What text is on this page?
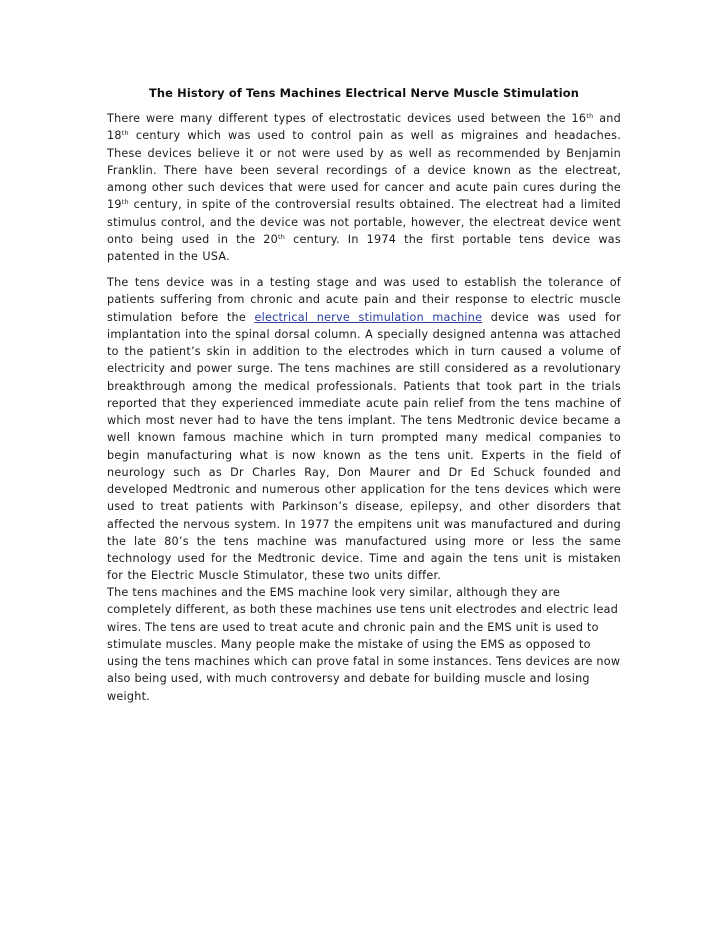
The History of Tens Machines Electrical Nerve Muscle Stimulation

There were many different types of electrostatic devices used between the 16th and 18th century which was used to control pain as well as migraines and headaches. These devices believe it or not were used by as well as recommended by Benjamin Franklin. There have been several recordings of a device known as the electreat, among other such devices that were used for cancer and acute pain cures during the 19th century, in spite of the controversial results obtained. The electreat had a limited stimulus control, and the device was not portable, however, the electreat device went onto being used in the 20th century. In 1974 the first portable tens device was patented in the USA.

The tens device was in a testing stage and was used to establish the tolerance of patients suffering from chronic and acute pain and their response to electric muscle stimulation before the electrical nerve stimulation machine device was used for implantation into the spinal dorsal column. A specially designed antenna was attached to the patient’s skin in addition to the electrodes which in turn caused a volume of electricity and power surge. The tens machines are still considered as a revolutionary breakthrough among the medical professionals. Patients that took part in the trials reported that they experienced immediate acute pain relief from the tens machine of which most never had to have the tens implant. The tens Medtronic device became a well known famous machine which in turn prompted many medical companies to begin manufacturing what is now known as the tens unit. Experts in the field of neurology such as Dr Charles Ray, Don Maurer and Dr Ed Schuck founded and developed Medtronic and numerous other application for the tens devices which were used to treat patients with Parkinson’s disease, epilepsy, and other disorders that affected the nervous system. In 1977 the empitens unit was manufactured and during the late 80’s the tens machine was manufactured using more or less the same technology used for the Medtronic device. Time and again the tens unit is mistaken for the Electric Muscle Stimulator, these two units differ.

The tens machines and the EMS machine look very similar, although they are completely different, as both these machines use tens unit electrodes and electric lead wires. The tens are used to treat acute and chronic pain and the EMS unit is used to stimulate muscles. Many people make the mistake of using the EMS as opposed to using the tens machines which can prove fatal in some instances. Tens devices are now also being used, with much controversy and debate for building muscle and losing weight.
